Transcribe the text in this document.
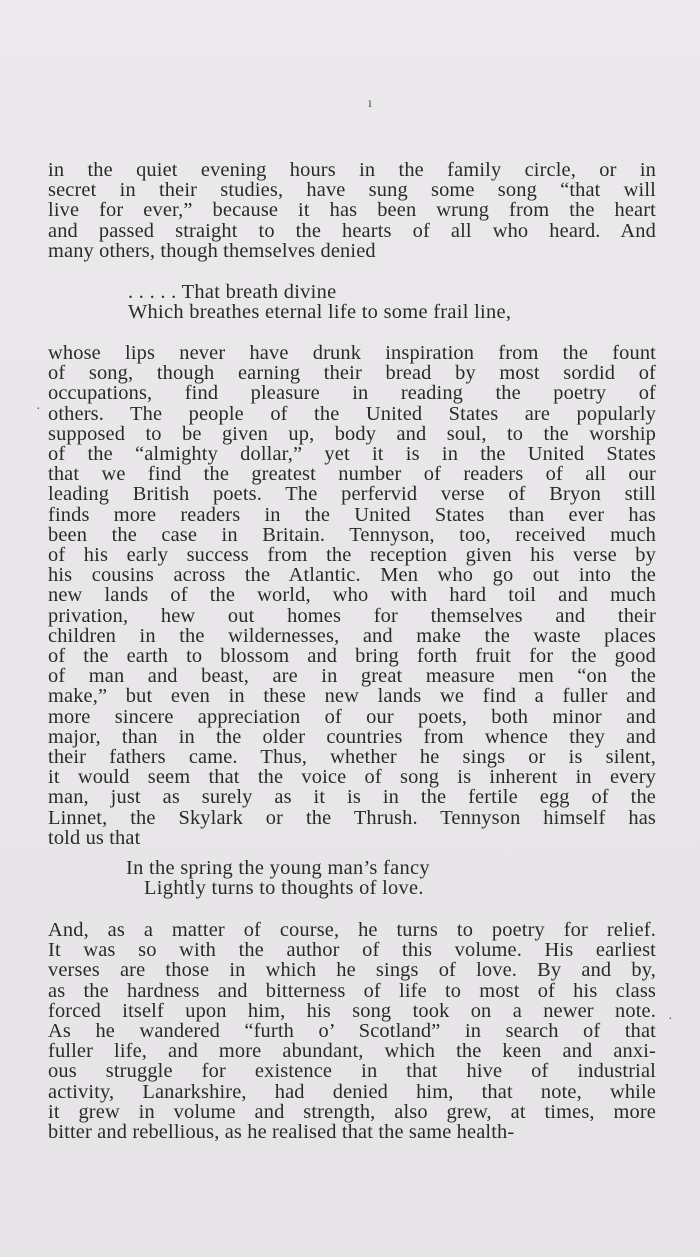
ı
·
·

in the quiet evening hours in the family circle, or in
secret in their studies, have sung some song “that will
live for ever,” because it has been wrung from the heart
and passed straight to the hearts of all who heard. And
many others, though themselves denied

. . . . . That breath divine
Which breathes eternal life to some frail line,

whose lips never have drunk inspiration from the fount
of song, though earning their bread by most sordid of
occupations, find pleasure in reading the poetry of
others. The people of the United States are popularly
supposed to be given up, body and soul, to the worship
of the “almighty dollar,” yet it is in the United States
that we find the greatest number of readers of all our
leading British poets. The perfervid verse of Bryon still
finds more readers in the United States than ever has
been the case in Britain. Tennyson, too, received much
of his early success from the reception given his verse by
his cousins across the Atlantic. Men who go out into the
new lands of the world, who with hard toil and much
privation, hew out homes for themselves and their
children in the wildernesses, and make the waste places
of the earth to blossom and bring forth fruit for the good
of man and beast, are in great measure men “on the
make,” but even in these new lands we find a fuller and
more sincere appreciation of our poets, both minor and
major, than in the older countries from whence they and
their fathers came. Thus, whether he sings or is silent,
it would seem that the voice of song is inherent in every
man, just as surely as it is in the fertile egg of the
Linnet, the Skylark or the Thrush. Tennyson himself has
told us that

In the spring the young man’s fancy
Lightly turns to thoughts of love.

And, as a matter of course, he turns to poetry for relief.
It was so with the author of this volume. His earliest
verses are those in which he sings of love. By and by,
as the hardness and bitterness of life to most of his class
forced itself upon him, his song took on a newer note.
As he wandered “furth o’ Scotland” in search of that
fuller life, and more abundant, which the keen and anxi-
ous struggle for existence in that hive of industrial
activity, Lanarkshire, had denied him, that note, while
it grew in volume and strength, also grew, at times, more
bitter and rebellious, as he realised that the same health-
